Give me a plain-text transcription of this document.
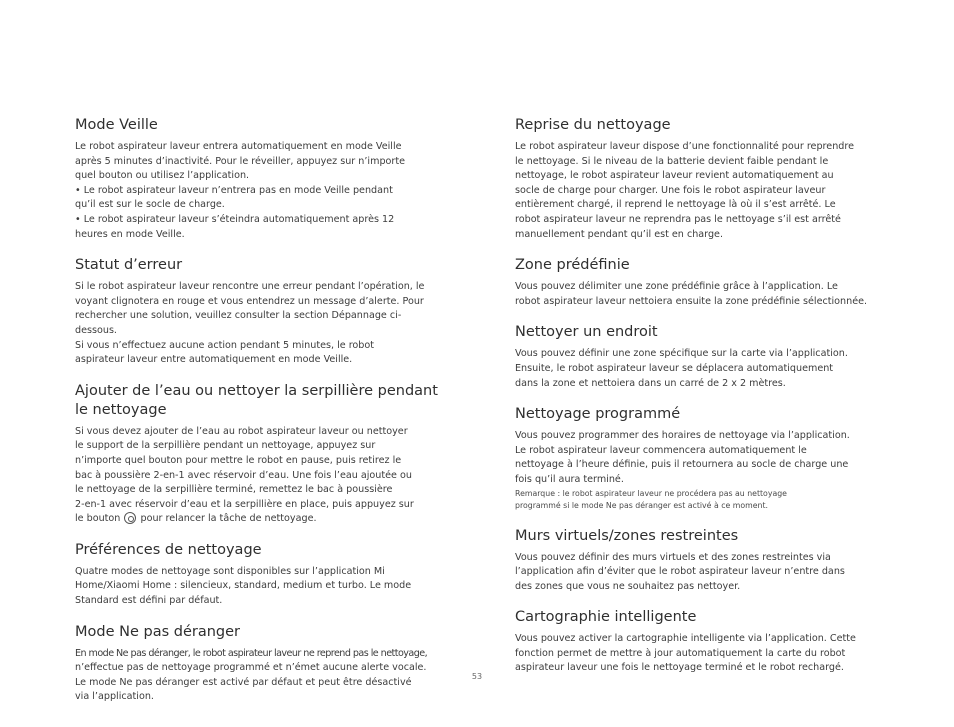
Mode Veille
Le robot aspirateur laveur entrera automatiquement en mode Veille
après 5 minutes d’inactivité. Pour le réveiller, appuyez sur n’importe
quel bouton ou utilisez l’application.
• Le robot aspirateur laveur n’entrera pas en mode Veille pendant
qu’il est sur le socle de charge.
• Le robot aspirateur laveur s’éteindra automatiquement après 12
heures en mode Veille.
Statut d’erreur
Si le robot aspirateur laveur rencontre une erreur pendant l’opération, le
voyant clignotera en rouge et vous entendrez un message d’alerte. Pour
rechercher une solution, veuillez consulter la section Dépannage ci-dessous.
Si vous n’effectuez aucune action pendant 5 minutes, le robot
aspirateur laveur entre automatiquement en mode Veille.
Ajouter de l’eau ou nettoyer la serpillière pendant
le nettoyage
Si vous devez ajouter de l’eau au robot aspirateur laveur ou nettoyer
le support de la serpillière pendant un nettoyage, appuyez sur
n’importe quel bouton pour mettre le robot en pause, puis retirez le
bac à poussière 2-en-1 avec réservoir d’eau. Une fois l’eau ajoutée ou
le nettoyage de la serpillière terminé, remettez le bac à poussière
2-en-1 avec réservoir d’eau et la serpillière en place, puis appuyez sur
le bouton pour relancer la tâche de nettoyage.
Préférences de nettoyage
Quatre modes de nettoyage sont disponibles sur l’application Mi
Home/Xiaomi Home : silencieux, standard, medium et turbo. Le mode
Standard est défini par défaut.
Mode Ne pas déranger
En mode Ne pas déranger, le robot aspirateur laveur ne reprend pas le nettoyage,
n’effectue pas de nettoyage programmé et n’émet aucune alerte vocale.
Le mode Ne pas déranger est activé par défaut et peut être désactivé
via l’application.
Reprise du nettoyage
Le robot aspirateur laveur dispose d’une fonctionnalité pour reprendre
le nettoyage. Si le niveau de la batterie devient faible pendant le
nettoyage, le robot aspirateur laveur revient automatiquement au
socle de charge pour charger. Une fois le robot aspirateur laveur
entièrement chargé, il reprend le nettoyage là où il s’est arrêté. Le
robot aspirateur laveur ne reprendra pas le nettoyage s’il est arrêté
manuellement pendant qu’il est en charge.
Zone prédéfinie
Vous pouvez délimiter une zone prédéfinie grâce à l’application. Le
robot aspirateur laveur nettoiera ensuite la zone prédéfinie sélectionnée.
Nettoyer un endroit
Vous pouvez définir une zone spécifique sur la carte via l’application.
Ensuite, le robot aspirateur laveur se déplacera automatiquement
dans la zone et nettoiera dans un carré de 2 x 2 mètres.
Nettoyage programmé
Vous pouvez programmer des horaires de nettoyage via l’application.
Le robot aspirateur laveur commencera automatiquement le
nettoyage à l’heure définie, puis il retournera au socle de charge une
fois qu’il aura terminé.
Remarque : le robot aspirateur laveur ne procédera pas au nettoyage
programmé si le mode Ne pas déranger est activé à ce moment.
Murs virtuels/zones restreintes
Vous pouvez définir des murs virtuels et des zones restreintes via
l’application afin d’éviter que le robot aspirateur laveur n’entre dans
des zones que vous ne souhaitez pas nettoyer.
Cartographie intelligente
Vous pouvez activer la cartographie intelligente via l’application. Cette
fonction permet de mettre à jour automatiquement la carte du robot
aspirateur laveur une fois le nettoyage terminé et le robot rechargé.
53
